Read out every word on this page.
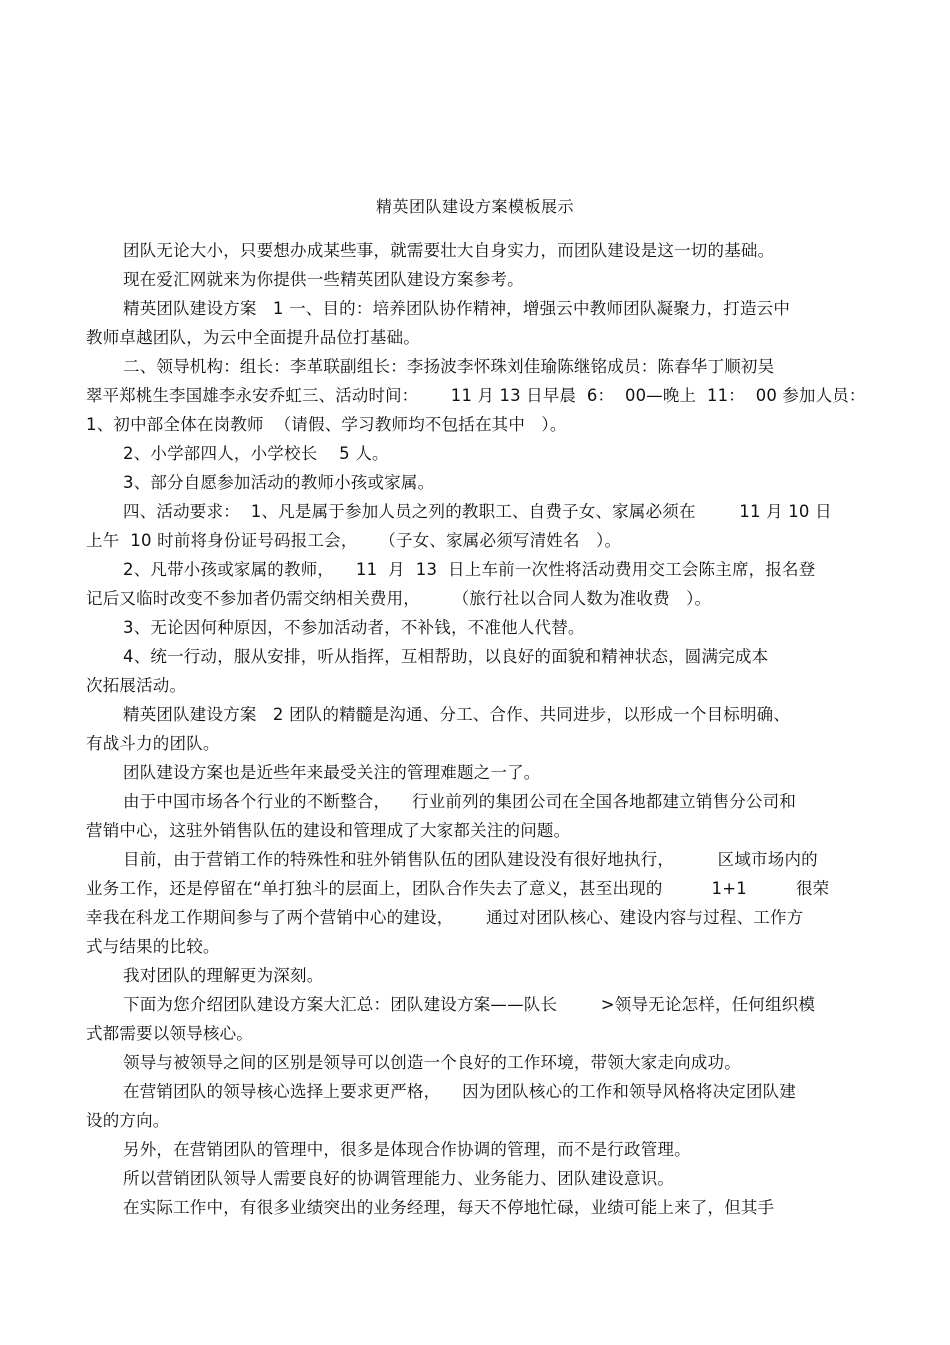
精英团队建设方案模板展示
团队无论大小，只要想办成某些事，就需要壮大自身实力，而团队建设是这一切的基础。
现在爱汇网就来为你提供一些精英团队建设方案参考。
精英团队建设方案   1 一、目的：培养团队协作精神，增强云中教师团队凝聚力，打造云中
教师卓越团队，为云中全面提升品位打基础。
二、领导机构：组长：李革联副组长：李扬波李怀珠刘佳瑜陈继铭成员：陈春华丁顺初吴
翠平郑桃生李国雄李永安乔虹三、活动时间：      11 月 13 日早晨  6：  00—晚上  11：  00 参加人员：
1、初中部全体在岗教师  （请假、学习教师均不包括在其中   ）。
2、小学部四人，小学校长    5 人。
3、部分自愿参加活动的教师小孩或家属。
四、活动要求：  1、凡是属于参加人员之列的教职工、自费子女、家属必须在        11 月 10 日
上午  10 时前将身份证号码报工会，    （子女、家属必须写清姓名   ）。
2、凡带小孩或家属的教师，    11  月  13  日上车前一次性将活动费用交工会陈主席，报名登
记后又临时改变不参加者仍需交纳相关费用，      （旅行社以合同人数为准收费   ）。
3、无论因何种原因，不参加活动者，不补钱，不准他人代替。
4、统一行动，服从安排，听从指挥，互相帮助，以良好的面貌和精神状态，圆满完成本
次拓展活动。
精英团队建设方案   2 团队的精髓是沟通、分工、合作、共同进步，以形成一个目标明确、
有战斗力的团队。
团队建设方案也是近些年来最受关注的管理难题之一了。
由于中国市场各个行业的不断整合，    行业前列的集团公司在全国各地都建立销售分公司和
营销中心，这驻外销售队伍的建设和管理成了大家都关注的问题。
目前，由于营销工作的特殊性和驻外销售队伍的团队建设没有很好地执行，        区域市场内的
业务工作，还是停留在“单打独斗的层面上，团队合作失去了意义，甚至出现的         1+1         很荣
幸我在科龙工作期间参与了两个营销中心的建设，      通过对团队核心、建设内容与过程、工作方
式与结果的比较。
我对团队的理解更为深刻。
下面为您介绍团队建设方案大汇总：团队建设方案——队长        >领导无论怎样，任何组织模
式都需要以领导核心。
领导与被领导之间的区别是领导可以创造一个良好的工作环境，带领大家走向成功。
在营销团队的领导核心选择上要求更严格，    因为团队核心的工作和领导风格将决定团队建
设的方向。
另外，在营销团队的管理中，很多是体现合作协调的管理，而不是行政管理。
所以营销团队领导人需要良好的协调管理能力、业务能力、团队建设意识。
在实际工作中，有很多业绩突出的业务经理，每天不停地忙碌，业绩可能上来了，但其手
